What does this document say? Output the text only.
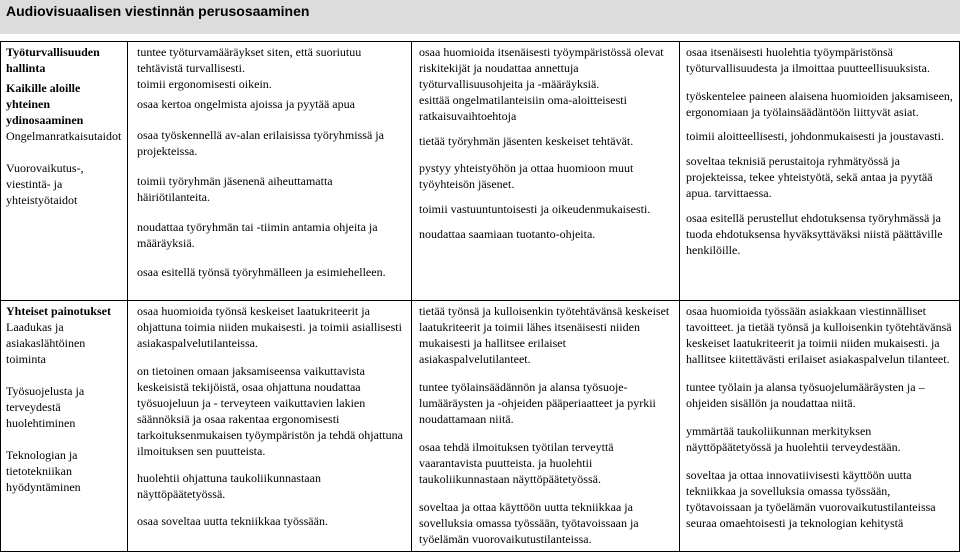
Audiovisuaalisen viestinnän perusosaaminen

Työturvallisuuden hallinta

Kaikille aloille yhteinen ydinosaaminen

Ongelmanratkaisutaidot

Vuorovaikutus-, viestintä- ja yhteistyötaidot

tuntee työturvamääräykset siten, että suoriutuu tehtävistä turvallisesti.

toimii ergonomisesti oikein.

osaa kertoa ongelmista ajoissa ja pyytää apua

osaa työskennellä av-alan erilaisissa työryhmissä ja projekteissa.

toimii työryhmän jäsenenä aiheuttamatta häiriötilanteita.

noudattaa työryhmän tai -tiimin antamia ohjeita ja määräyksiä.

osaa esitellä työnsä työryhmälleen ja esimiehelleen.

osaa huomioida itsenäisesti työympäristössä olevat riskitekijät ja noudattaa annettuja työturvallisuusohjeita ja -määräyksiä.

esittää ongelmatilanteisiin oma-aloitteisesti ratkaisuvaihtoehtoja

tietää työryhmän jäsenten keskeiset tehtävät.

pystyy yhteistyöhön ja ottaa huomioon muut työyhteisön jäsenet.

toimii vastuuntuntoisesti ja oikeudenmukaisesti.

noudattaa saamiaan tuotanto-ohjeita.

osaa itsenäisesti huolehtia työympäristönsä työturvallisuudesta ja ilmoittaa puutteellisuuksista.

työskentelee paineen alaisena huomioiden jaksamiseen, ergonomiaan ja työlainsäädäntöön liittyvät asiat.

toimii aloitteellisesti, johdonmukaisesti ja joustavasti.

soveltaa teknisiä perustaitoja ryhmätyössä ja projekteissa, tekee yhteistyötä, sekä antaa ja pyytää apua. tarvittaessa.

osaa esitellä perustellut ehdotuksensa työryhmässä ja tuoda ehdotuksensa hyväksyttäväksi niistä päättäville henkilöille.

Yhteiset painotukset

Laadukas ja asiakaslähtöinen toiminta

Työsuojelusta ja terveydestä huolehtiminen

Teknologian ja tietotekniikan hyödyntäminen

osaa huomioida työnsä keskeiset laatukriteerit ja ohjattuna toimia niiden mukaisesti. ja toimii asiallisesti asiakaspalvelutilanteissa.

on tietoinen omaan jaksamiseensa vaikuttavista keskeisistä tekijöistä, osaa ohjattuna noudattaa työsuojeluun ja - terveyteen vaikuttavien lakien säännöksiä ja osaa rakentaa ergonomisesti tarkoituksenmukaisen työympäristön ja tehdä ohjattuna ilmoituksen sen puutteista.

huolehtii ohjattuna taukoliikunnastaan näyttöpäätetyössä.

osaa soveltaa uutta tekniikkaa työssään.

tietää työnsä ja kulloisenkin työtehtävänsä keskeiset laatukriteerit ja toimii lähes itsenäisesti niiden mukaisesti ja hallitsee erilaiset asiakaspalvelutilanteet.

tuntee työlainsäädännön ja alansa työsuoje-lumääräysten ja -ohjeiden pääperiaatteet ja pyrkii noudattamaan niitä.

osaa tehdä ilmoituksen työtilan terveyttä vaarantavista puutteista. ja huolehtii taukoliikunnastaan näyttöpäätetyössä.

soveltaa ja ottaa käyttöön uutta tekniikkaa ja sovelluksia omassa työssään, työtavoissaan ja työelämän vuorovaikutustilanteissa.

osaa huomioida työssään asiakkaan viestinnälliset tavoitteet. ja tietää työnsä ja kulloisenkin työtehtävänsä keskeiset laatukriteerit ja toimii niiden mukaisesti. ja hallitsee kiitettävästi erilaiset asiakaspalvelun tilanteet.

tuntee työlain ja alansa työsuojelumääräysten ja – ohjeiden sisällön ja noudattaa niitä.

ymmärtää taukoliikunnan merkityksen näyttöpäätetyössä ja huolehtii terveydestään.

soveltaa ja ottaa innovatiivisesti käyttöön uutta tekniikkaa ja sovelluksia omassa työssään, työtavoissaan ja työelämän vuorovaikutustilanteissa seuraa omaehtoisesti ja teknologian kehitystä
